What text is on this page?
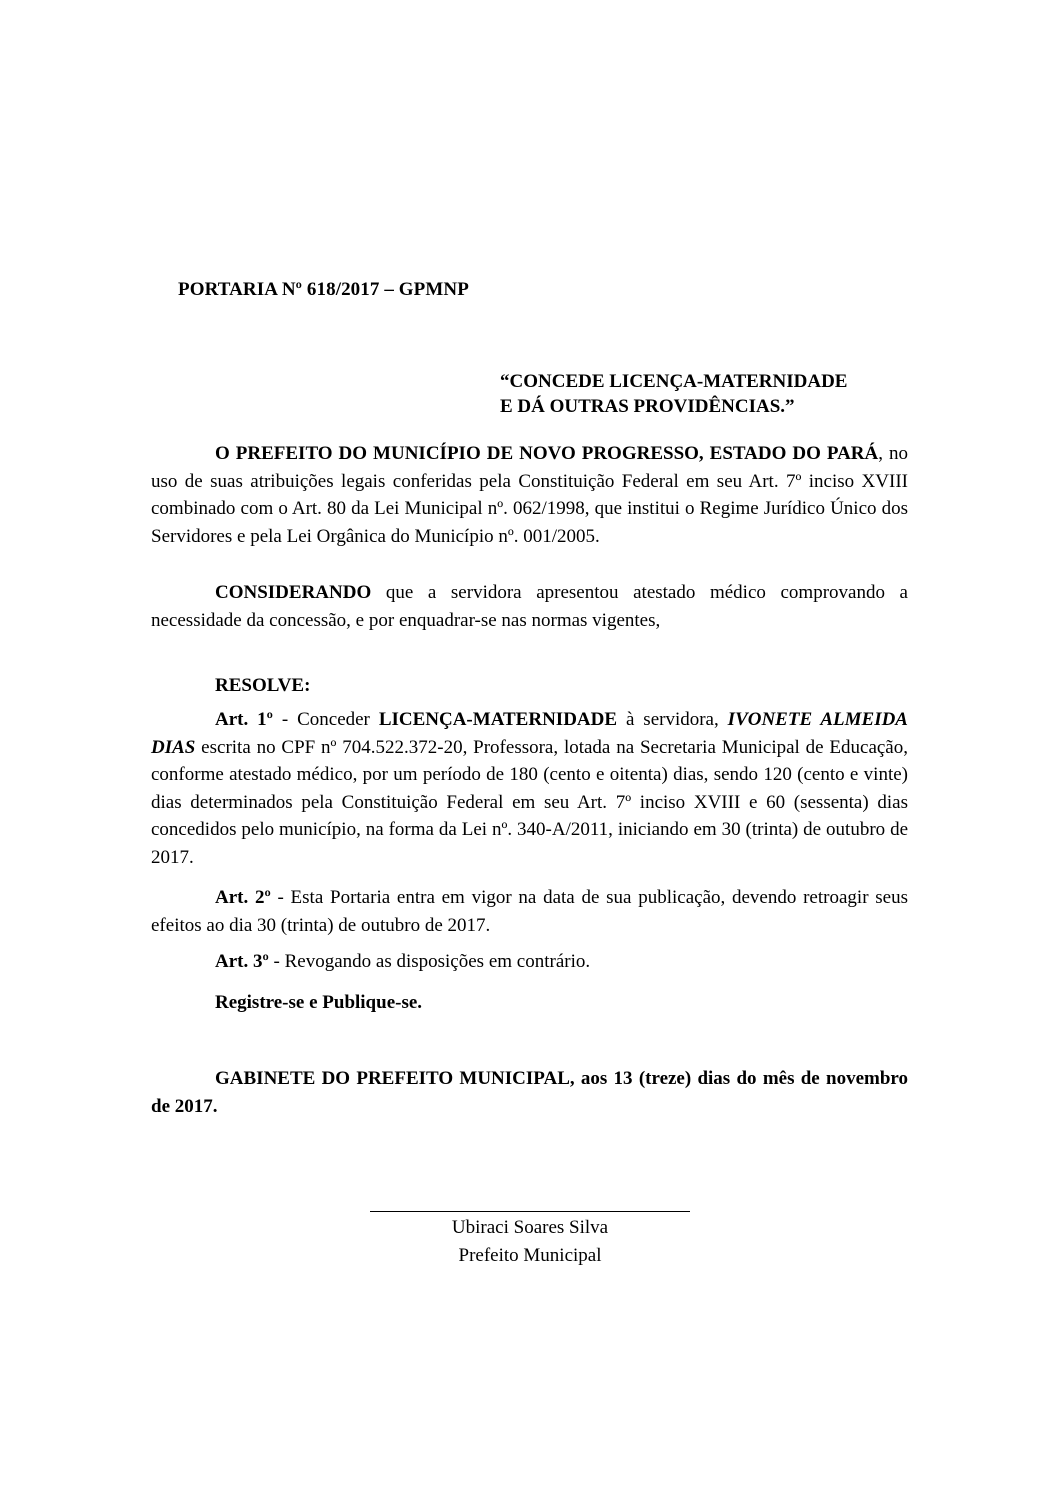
PORTARIA Nº 618/2017 – GPMNP
“CONCEDE LICENÇA-MATERNIDADE
E DÁ OUTRAS PROVIDÊNCIAS.”

O PREFEITO DO MUNICÍPIO DE NOVO PROGRESSO, ESTADO DO PARÁ, no uso de suas atribuições legais conferidas pela Constituição Federal em seu Art. 7º inciso XVIII combinado com o Art. 80 da Lei Municipal nº. 062/1998, que institui o Regime Jurídico Único dos Servidores e pela Lei Orgânica do Município nº. 001/2005.

CONSIDERANDO que a servidora apresentou atestado médico comprovando a necessidade da concessão, e por enquadrar-se nas normas vigentes,

RESOLVE:

Art. 1º - Conceder LICENÇA-MATERNIDADE à servidora, IVONETE ALMEIDA DIAS escrita no CPF nº 704.522.372-20, Professora, lotada na Secretaria Municipal de Educação, conforme atestado médico, por um período de 180 (cento e oitenta) dias, sendo 120 (cento e vinte) dias determinados pela Constituição Federal em seu Art. 7º inciso XVIII e 60 (sessenta) dias concedidos pelo município, na forma da Lei nº. 340-A/2011, iniciando em 30 (trinta) de outubro de 2017.

Art. 2º - Esta Portaria entra em vigor na data de sua publicação, devendo retroagir seus efeitos ao dia 30 (trinta) de outubro de 2017.

Art. 3º - Revogando as disposições em contrário.
Registre-se e Publique-se.

GABINETE DO PREFEITO MUNICIPAL, aos 13 (treze) dias do mês de novembro de 2017.

Ubiraci Soares Silva
Prefeito Municipal
